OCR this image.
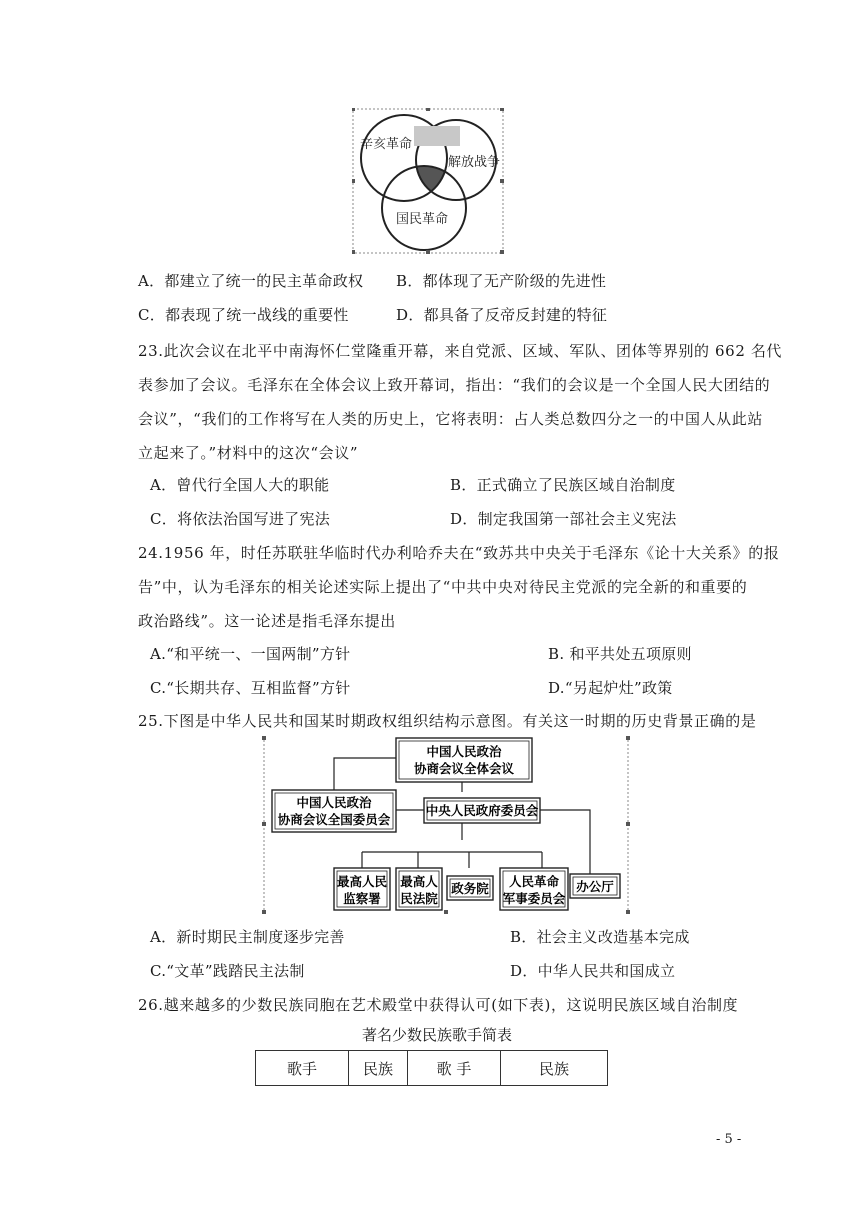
辛亥革命
解放战争
国民革命
A．都建立了统一的民主革命政权 B．都体现了无产阶级的先进性
C．都表现了统一战线的重要性	D．都具备了反帝反封建的特征
23.此次会议在北平中南海怀仁堂隆重开幕，来自党派、区域、军队、团体等界别的 662 名代
表参加了会议。毛泽东在全体会议上致开幕词，指出：“我们的会议是一个全国人民大团结的
会议”，“我们的工作将写在人类的历史上，它将表明：占人类总数四分之一的中国人从此站
立起来了。”材料中的这次“会议”
A．曾代行全国人大的职能	B．正式确立了民族区域自治制度
C．将依法治国写进了宪法	D．制定我国第一部社会主义宪法
24.1956 年，时任苏联驻华临时代办利哈乔夫在“致苏共中央关于毛泽东《论十大关系》的报
告”中，认为毛泽东的相关论述实际上提出了“中共中央对待民主党派的完全新的和重要的
政治路线”。这一论述是指毛泽东提出
A.“和平统一、一国两制”方针	B. 和平共处五项原则
C.“长期共存、互相监督”方针	D.“另起炉灶”政策
25.下图是中华人民共和国某时期政权组织结构示意图。有关这一时期的历史背景正确的是
中国人民政治
协商会议全体会议
中国人民政治
协商会议全国委员会
中央人民政府委员会
最高人民
监察署
最高人
民法院
政务院 人民革命
军事委员会
办公厅
A．新时期民主制度逐步完善	B．社会主义改造基本完成
C.“文革”践踏民主法制	D．中华人民共和国成立
26.越来越多的少数民族同胞在艺术殿堂中获得认可(如下表)，这说明民族区域自治制度
著名少数民族歌手简表
歌手	民族	歌 手	民族
- 5 -
